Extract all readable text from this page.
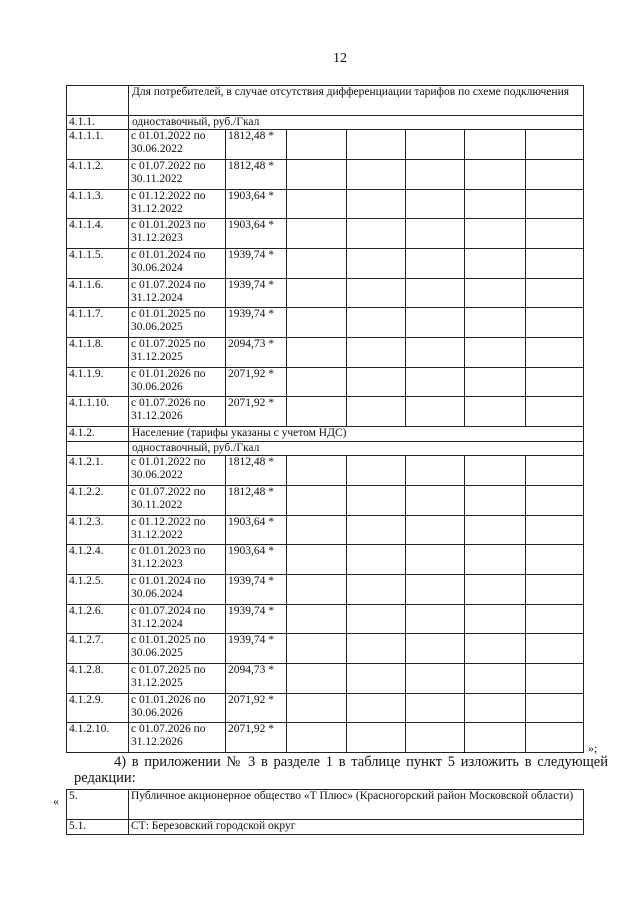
12
	Для потребителей, в случае отсутствия дифференциации тарифов по схеме подключения						
4.1.1.	одноставочный, руб./Гкал						
4.1.1.1.	с 01.01.2022 по 30.06.2022	1812,48 *					
4.1.1.2.	с 01.07.2022 по 30.11.2022	1812,48 *					
4.1.1.3.	с 01.12.2022 по 31.12.2022	1903,64 *					
4.1.1.4.	с 01.01.2023 по 31.12.2023	1903,64 *					
4.1.1.5.	с 01.01.2024 по 30.06.2024	1939,74 *					
4.1.1.6.	с 01.07.2024 по 31.12.2024	1939,74 *					
4.1.1.7.	с 01.01.2025 по 30.06.2025	1939,74 *					
4.1.1.8.	с 01.07.2025 по 31.12.2025	2094,73 *					
4.1.1.9.	с 01.01.2026 по 30.06.2026	2071,92 *					
4.1.1.10.	с 01.07.2026 по 31.12.2026	2071,92 *					
4.1.2.	Население (тарифы указаны с учетом НДС)						
	одноставочный, руб./Гкал						
4.1.2.1.	с 01.01.2022 по 30.06.2022	1812,48 *					
4.1.2.2.	с 01.07.2022 по 30.11.2022	1812,48 *					
4.1.2.3.	с 01.12.2022 по 31.12.2022	1903,64 *					
4.1.2.4.	с 01.01.2023 по 31.12.2023	1903,64 *					
4.1.2.5.	с 01.01.2024 по 30.06.2024	1939,74 *					
4.1.2.6.	с 01.07.2024 по 31.12.2024	1939,74 *					
4.1.2.7.	с 01.01.2025 по 30.06.2025	1939,74 *					
4.1.2.8.	с 01.07.2025 по 31.12.2025	2094,73 *					
4.1.2.9.	с 01.01.2026 по 30.06.2026	2071,92 *					
4.1.2.10.	с 01.07.2026 по 31.12.2026	2071,92 *					
»;
4) в приложении № 3 в разделе 1 в таблице пункт 5 изложить в следующей
редакции:
« 5.	Публичное акционерное общество «Т Плюс» (Красногорский район Московской области)
5.1.	СТ: Березовский городской округ
